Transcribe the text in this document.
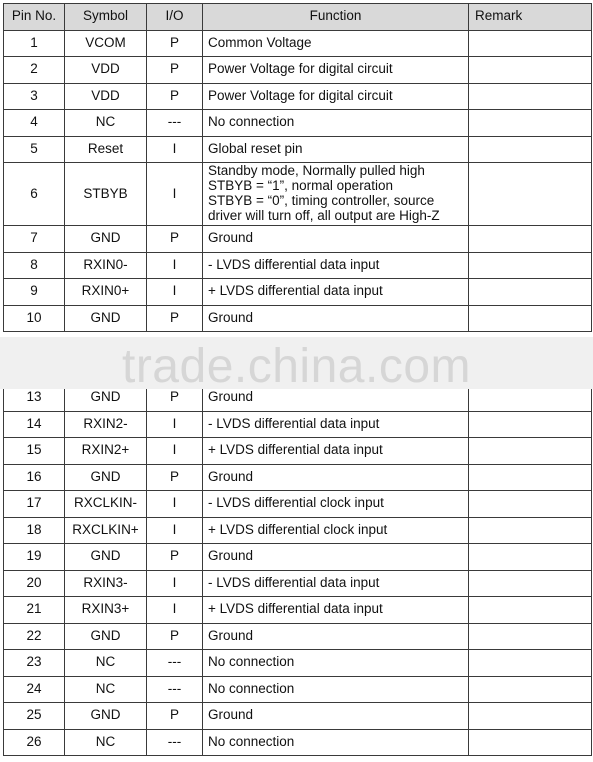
Pin No.	Symbol	I/O	Function	Remark
1	VCOM	P	Common Voltage	

2	VDD	P	Power Voltage for digital circuit	

3	VDD	P	Power Voltage for digital circuit	

4	NC	---	No connection	

5	Reset	I	Global reset pin	

6	STBYB	I	Standby mode, Normally pulled high
STBYB = “1”, normal operation
STBYB = “0”, timing controller, source
driver will turn off, all output are High-Z	

7	GND	P	Ground	

8	RXIN0-	I	- LVDS differential data input	

9	RXIN0+	I	+ LVDS differential data input	

10	GND	P	Ground	

13	GND	P	Ground	

14	RXIN2-	I	- LVDS differential data input	

15	RXIN2+	I	+ LVDS differential data input	

16	GND	P	Ground	

17	RXCLKIN-	I	- LVDS differential clock input	

18	RXCLKIN+	I	+ LVDS differential clock input	

19	GND	P	Ground	

20	RXIN3-	I	- LVDS differential data input	

21	RXIN3+	I	+ LVDS differential data input	

22	GND	P	Ground	

23	NC	---	No connection	

24	NC	---	No connection	

25	GND	P	Ground	

26	NC	---	No connection	

trade.china.com
